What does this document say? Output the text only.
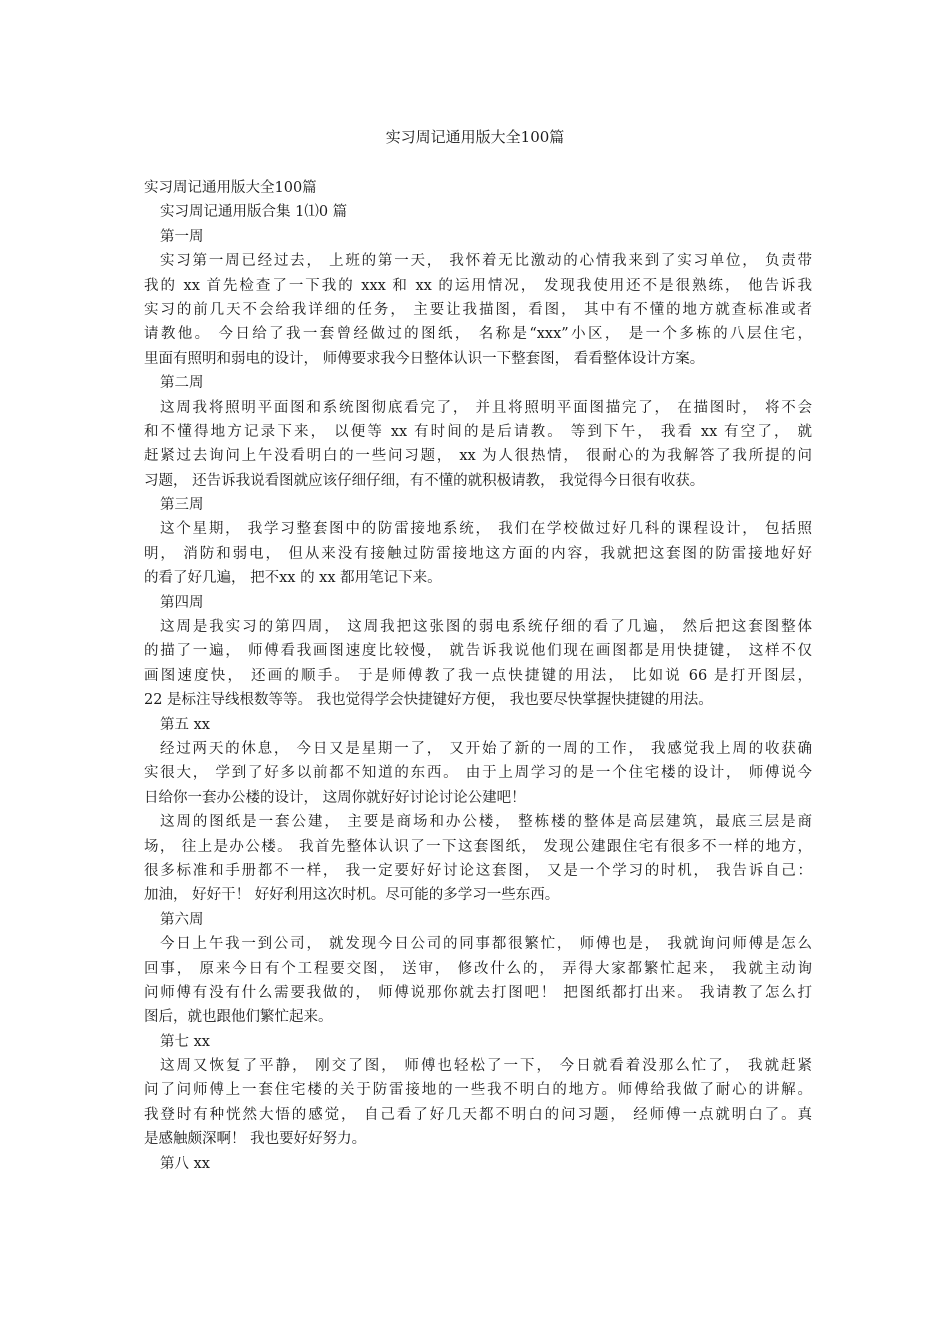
实习周记通用版大全100篇
实习周记通用版大全100篇
实习周记通用版合集 1⑴0 篇
第一周
实习第一周已经过去， 上班的第一天， 我怀着无比激动的心情我来到了实习单位， 负责带
我的 xx 首先检查了一下我的 xxx 和 xx 的运用情况， 发现我使用还不是很熟练， 他告诉我
实习的前几天不会给我详细的任务， 主要让我描图，看图， 其中有不懂的地方就查标准或者
请教他。 今日给了我一套曾经做过的图纸， 名称是“xxx”小区， 是一个多栋的八层住宅，
里面有照明和弱电的设计， 师傅要求我今日整体认识一下整套图， 看看整体设计方案。
第二周
这周我将照明平面图和系统图彻底看完了， 并且将照明平面图描完了， 在描图时， 将不会
和不懂得地方记录下来， 以便等 xx 有时间的是后请教。 等到下午， 我看 xx 有空了， 就
赶紧过去询问上午没看明白的一些问习题， xx 为人很热情， 很耐心的为我解答了我所提的问
习题， 还告诉我说看图就应该仔细仔细，有不懂的就积极请教， 我觉得今日很有收获。
第三周
这个星期， 我学习整套图中的防雷接地系统， 我们在学校做过好几科的课程设计， 包括照
明， 消防和弱电， 但从来没有接触过防雷接地这方面的内容，我就把这套图的防雷接地好好
的看了好几遍， 把不xx 的 xx 都用笔记下来。
第四周
这周是我实习的第四周， 这周我把这张图的弱电系统仔细的看了几遍， 然后把这套图整体
的描了一遍， 师傅看我画图速度比较慢， 就告诉我说他们现在画图都是用快捷键， 这样不仅
画图速度快， 还画的顺手。 于是师傅教了我一点快捷键的用法， 比如说 66 是打开图层，
22 是标注导线根数等等。 我也觉得学会快捷键好方便， 我也要尽快掌握快捷键的用法。
第五 xx
经过两天的休息， 今日又是星期一了， 又开始了新的一周的工作， 我感觉我上周的收获确
实很大， 学到了好多以前都不知道的东西。 由于上周学习的是一个住宅楼的设计， 师傅说今
日给你一套办公楼的设计， 这周你就好好讨论讨论公建吧！
这周的图纸是一套公建， 主要是商场和办公楼， 整栋楼的整体是高层建筑，最底三层是商
场， 往上是办公楼。 我首先整体认识了一下这套图纸， 发现公建跟住宅有很多不一样的地方，
很多标准和手册都不一样， 我一定要好好讨论这套图， 又是一个学习的时机， 我告诉自己：
加油， 好好干！ 好好利用这次时机。尽可能的多学习一些东西。
第六周
今日上午我一到公司， 就发现今日公司的同事都很繁忙， 师傅也是， 我就询问师傅是怎么
回事， 原来今日有个工程要交图， 送审， 修改什么的， 弄得大家都繁忙起来， 我就主动询
问师傅有没有什么需要我做的， 师傅说那你就去打图吧！ 把图纸都打出来。 我请教了怎么打
图后，就也跟他们繁忙起来。
第七 xx
这周又恢复了平静， 刚交了图， 师傅也轻松了一下， 今日就看着没那么忙了， 我就赶紧
问了问师傅上一套住宅楼的关于防雷接地的一些我不明白的地方。师傅给我做了耐心的讲解。
我登时有种恍然大悟的感觉， 自己看了好几天都不明白的问习题， 经师傅一点就明白了。真
是感触颇深啊！ 我也要好好努力。
第八 xx
